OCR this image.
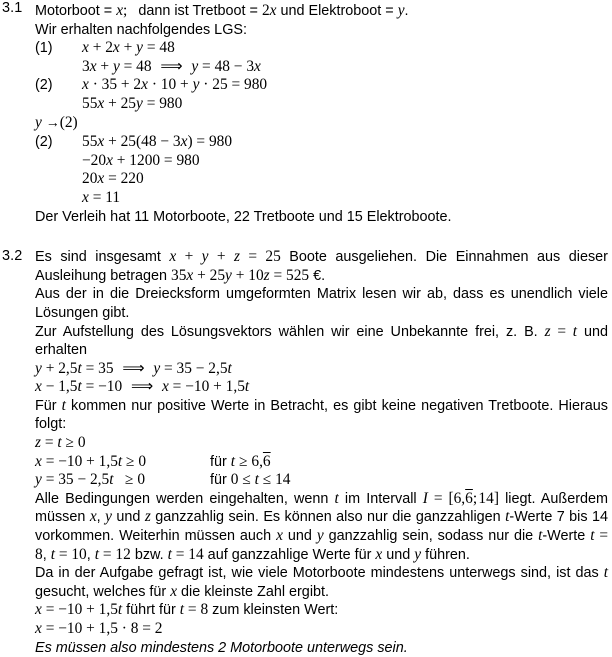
3.1 Motorboot = x; dann ist Tretboot = 2x und Elektroboot = y.
Wir erhalten nachfolgendes LGS:
(1)	x + 2x + y = 48
3x + y = 48 ⟹ y = 48 − 3x
(2)	x · 35 + 2x · 10 + y · 25 = 980
55x + 25y = 980
y →(2)
(2)	55x + 25(48 − 3x) = 980
−20x + 1200 = 980
20x = 220
x = 11
Der Verleih hat 11 Motorboote, 22 Tretboote und 15 Elektroboote.
3.2 Es sind insgesamt x + y + z = 25 Boote ausgeliehen. Die Einnahmen aus dieser Ausleihung betragen 35x + 25y + 10z = 525 €.
Aus der in die Dreiecksform umgeformten Matrix lesen wir ab, dass es unendlich viele Lösungen gibt.
Zur Aufstellung des Lösungsvektors wählen wir eine Unbekannte frei, z. B. z = t und erhalten
y + 2,5t = 35 ⟹ y = 35 − 2,5t
x − 1,5t = −10 ⟹ x = −10 + 1,5t
Für t kommen nur positive Werte in Betracht, es gibt keine negativen Tretboote. Hieraus folgt:
z = t ≥ 0
x = −10 + 1,5t ≥ 0	für t ≥ 6,6
y = 35 − 2,5t   ≥ 0	für 0 ≤ t ≤ 14
Alle Bedingungen werden eingehalten, wenn t im Intervall I = [6,6; 14] liegt. Außerdem müssen x, y und z ganzzahlig sein. Es können also nur die ganzzahligen t-Werte 7 bis 14 vorkommen. Weiterhin müssen auch x und y ganzzahlig sein, sodass nur die t-Werte t = 8, t = 10, t = 12 bzw. t = 14 auf ganzzahlige Werte für x und y führen.
Da in der Aufgabe gefragt ist, wie viele Motorboote mindestens unterwegs sind, ist das t gesucht, welches für x die kleinste Zahl ergibt.
x = −10 + 1,5t führt für t = 8 zum kleinsten Wert:
x = −10 + 1,5 · 8 = 2
Es müssen also mindestens 2 Motorboote unterwegs sein.
